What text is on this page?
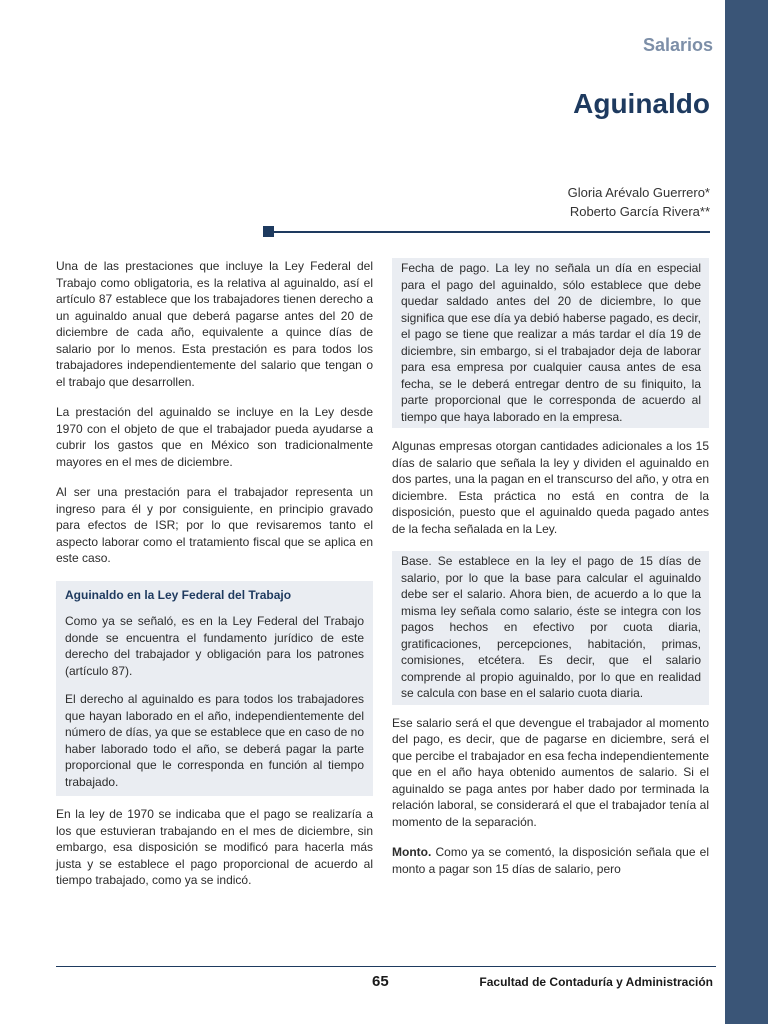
Salarios
Aguinaldo
Gloria Arévalo Guerrero*
Roberto García Rivera**

Una de las prestaciones que incluye la Ley Federal del Trabajo como obligatoria, es la relativa al aguinaldo, así el artículo 87 establece que los trabajadores tienen derecho a un aguinaldo anual que deberá pagarse antes del 20 de diciembre de cada año, equivalente a quince días de salario por lo menos. Esta prestación es para todos los trabajadores independientemente del salario que tengan o el trabajo que desarrollen.

La prestación del aguinaldo se incluye en la Ley desde 1970 con el objeto de que el trabajador pueda ayudarse a cubrir los gastos que en México son tradicionalmente mayores en el mes de diciembre.

Al ser una prestación para el trabajador representa un ingreso para él y por consiguiente, en principio gravado para efectos de ISR; por lo que revisaremos tanto el aspecto laborar como el tratamiento fiscal que se aplica en este caso.

Aguinaldo en la Ley Federal del Trabajo

Como ya se señaló, es en la Ley Federal del Trabajo donde se encuentra el fundamento jurídico de este derecho del trabajador y obligación para los patrones (artículo 87).

El derecho al aguinaldo es para todos los trabajadores que hayan laborado en el año, independientemente del número de días, ya que se establece que en caso de no haber laborado todo el año, se deberá pagar la parte proporcional que le corresponda en función al tiempo trabajado.

En la ley de 1970 se indicaba que el pago se realizaría a los que estuvieran trabajando en el mes de diciembre, sin embargo, esa disposición se modificó para hacerla más justa y se establece el pago proporcional de acuerdo al tiempo trabajado, como ya se indicó.

Fecha de pago. La ley no señala un día en especial para el pago del aguinaldo, sólo establece que debe quedar saldado antes del 20 de diciembre, lo que significa que ese día ya debió haberse pagado, es decir, el pago se tiene que realizar a más tardar el día 19 de diciembre, sin embargo, si el trabajador deja de laborar para esa empresa por cualquier causa antes de esa fecha, se le deberá entregar dentro de su finiquito, la parte proporcional que le corresponda de acuerdo al tiempo que haya laborado en la empresa.

Algunas empresas otorgan cantidades adicionales a los 15 días de salario que señala la ley y dividen el aguinaldo en dos partes, una la pagan en el transcurso del año, y otra en diciembre. Esta práctica no está en contra de la disposición, puesto que el aguinaldo queda pagado antes de la fecha señalada en la Ley.

Base. Se establece en la ley el pago de 15 días de salario, por lo que la base para calcular el aguinaldo debe ser el salario. Ahora bien, de acuerdo a lo que la misma ley señala como salario, éste se integra con los pagos hechos en efectivo por cuota diaria, gratificaciones, percepciones, habitación, primas, comisiones, etcétera. Es decir, que el salario comprende al propio aguinaldo, por lo que en realidad se calcula con base en el salario cuota diaria.

Ese salario será el que devengue el trabajador al momento del pago, es decir, que de pagarse en diciembre, será el que percibe el trabajador en esa fecha independientemente que en el año haya obtenido aumentos de salario. Si el aguinaldo se paga antes por haber dado por terminada la relación laboral, se considerará el que el trabajador tenía al momento de la separación.

Monto. Como ya se comentó, la disposición señala que el monto a pagar son 15 días de salario, pero

65	Facultad de Contaduría y Administración
